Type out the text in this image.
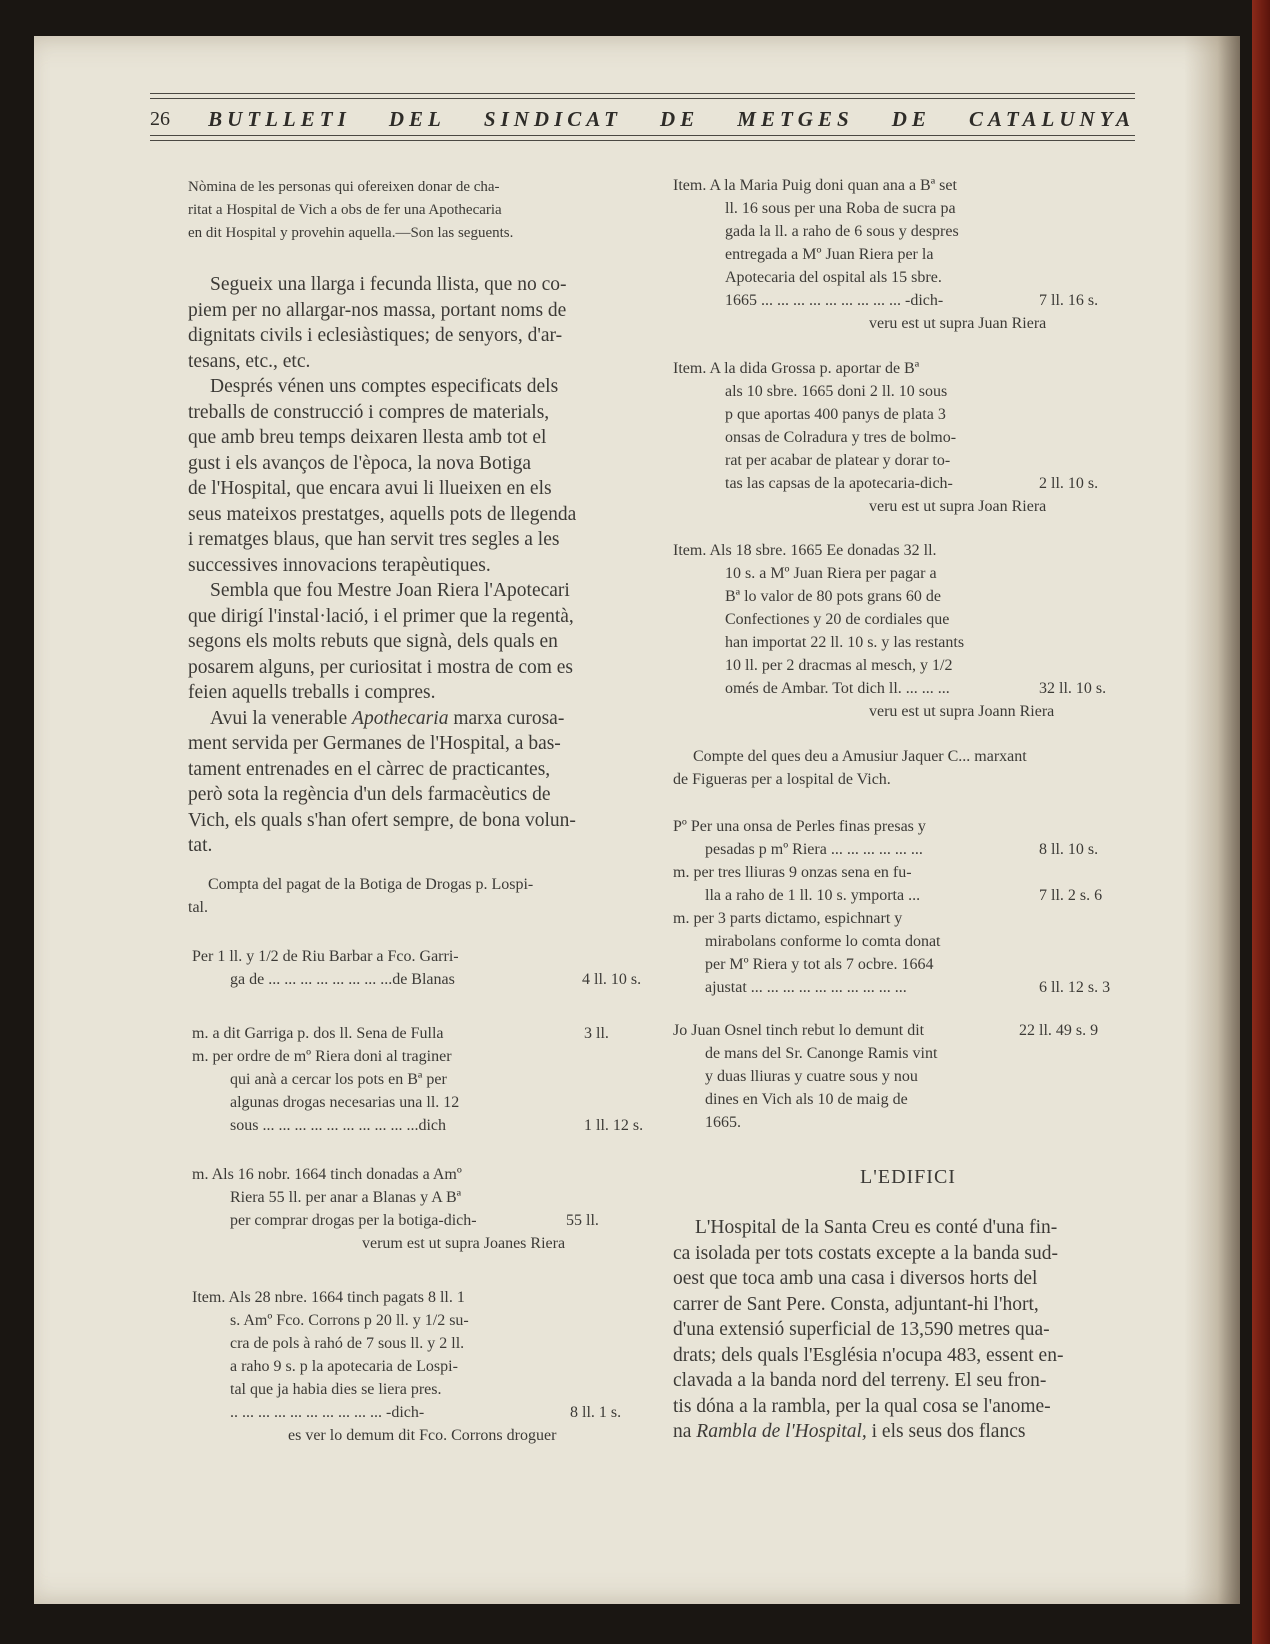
26 BUTLLETI DEL SINDICAT DE METGES DE CATALUNYA
Nòmina de les personas qui ofereixen donar de cha-
ritat a Hospital de Vich a obs de fer una Apothecaria
en dit Hospital y provehin aquella.—Son las seguents.
Segueix una llarga i fecunda llista, que no co-
piem per no allargar-nos massa, portant noms de
dignitats civils i eclesiàstiques; de senyors, d'ar-
tesans, etc., etc.
Després vénen uns comptes especificats dels
treballs de construcció i compres de materials,
que amb breu temps deixaren llesta amb tot el
gust i els avanços de l'època, la nova Botiga
de l'Hospital, que encara avui li llueixen en els
seus mateixos prestatges, aquells pots de llegenda
i rematges blaus, que han servit tres segles a les
successives innovacions terapèutiques.
Sembla que fou Mestre Joan Riera l'Apotecari
que dirigí l'instal·lació, i el primer que la regentà,
segons els molts rebuts que signà, dels quals en
posarem alguns, per curiositat i mostra de com es
feien aquells treballs i compres.
Avui la venerable Apothecaria marxa curosa-
ment servida per Germanes de l'Hospital, a bas-
tament entrenades en el càrrec de practicantes,
però sota la regència d'un dels farmacèutics de
Vich, els quals s'han ofert sempre, de bona volun-
tat.
Compta del pagat de la Botiga de Drogas p. Lospi-
tal.
Per 1 ll. y 1/2 de Riu Barbar a Fco. Garri-
ga de ... ... ... ... ... ... ... ...de Blanas	4 ll. 10 s.
m. a dit Garriga p. dos ll. Sena de Fulla	3 ll.
m. per ordre de mº Riera doni al traginer
qui anà a cercar los pots en Bª per
algunas drogas necesarias una ll. 12
sous ... ... ... ... ... ... ... ... ... ...dich	1 ll. 12 s.
m. Als 16 nobr. 1664 tinch donadas a Amº
Riera 55 ll. per anar a Blanas y A Bª
per comprar drogas per la botiga-dich-	55 ll.
verum est ut supra Joanes Riera
Item. Als 28 nbre. 1664 tinch pagats 8 ll. 1
s. Amº Fco. Corrons p 20 ll. y 1/2 su-
cra de pols à rahó de 7 sous ll. y 2 ll.
a raho 9 s. p la apotecaria de Lospi-
tal que ja habia dies se liera pres.
.. ... ... ... ... ... ... ... ... ... -dich-	8 ll. 1 s.
es ver lo demum dit Fco. Corrons droguer
Item. A la Maria Puig doni quan ana a Bª set
ll. 16 sous per una Roba de sucra pa
gada la ll. a raho de 6 sous y despres
entregada a Mº Juan Riera per la
Apotecaria del ospital als 15 sbre.
1665 ... ... ... ... ... ... ... ... ... -dich-	7 ll. 16 s.
veru est ut supra Juan Riera
Item. A la dida Grossa p. aportar de Bª
als 10 sbre. 1665 doni 2 ll. 10 sous
p que aportas 400 panys de plata 3
onsas de Colradura y tres de bolmo-
rat per acabar de platear y dorar to-
tas las capsas de la apotecaria-dich-	2 ll. 10 s.
veru est ut supra Joan Riera
Item. Als 18 sbre. 1665 Ee donadas 32 ll.
10 s. a Mº Juan Riera per pagar a
Bª lo valor de 80 pots grans 60 de
Confectiones y 20 de cordiales que
han importat 22 ll. 10 s. y las restants
10 ll. per 2 dracmas al mesch, y 1/2
omés de Ambar. Tot dich ll. ... ... ...	32 ll. 10 s.
veru est ut supra Joann Riera
Compte del ques deu a Amusiur Jaquer C... marxant
de Figueras per a lospital de Vich.
Pº Per una onsa de Perles finas presas y
pesadas p mº Riera ... ... ... ... ... ...	8 ll. 10 s.
m. per tres lliuras 9 onzas sena en fu-
lla a raho de 1 ll. 10 s. ymporta ...	7 ll. 2 s. 6
m. per 3 parts dictamo, espichnart y
mirabolans conforme lo comta donat
per Mº Riera y tot als 7 ocbre. 1664
ajustat ... ... ... ... ... ... ... ... ... ...	6 ll. 12 s. 3
Jo Juan Osnel tinch rebut lo demunt dit	22 ll. 49 s. 9
de mans del Sr. Canonge Ramis vint
y duas lliuras y cuatre sous y nou
dines en Vich als 10 de maig de
1665.
L'EDIFICI
L'Hospital de la Santa Creu es conté d'una fin-
ca isolada per tots costats excepte a la banda sud-
oest que toca amb una casa i diversos horts del
carrer de Sant Pere. Consta, adjuntant-hi l'hort,
d'una extensió superficial de 13,590 metres qua-
drats; dels quals l'Església n'ocupa 483, essent en-
clavada a la banda nord del terreny. El seu fron-
tis dóna a la rambla, per la qual cosa se l'anome-
na Rambla de l'Hospital, i els seus dos flancs
